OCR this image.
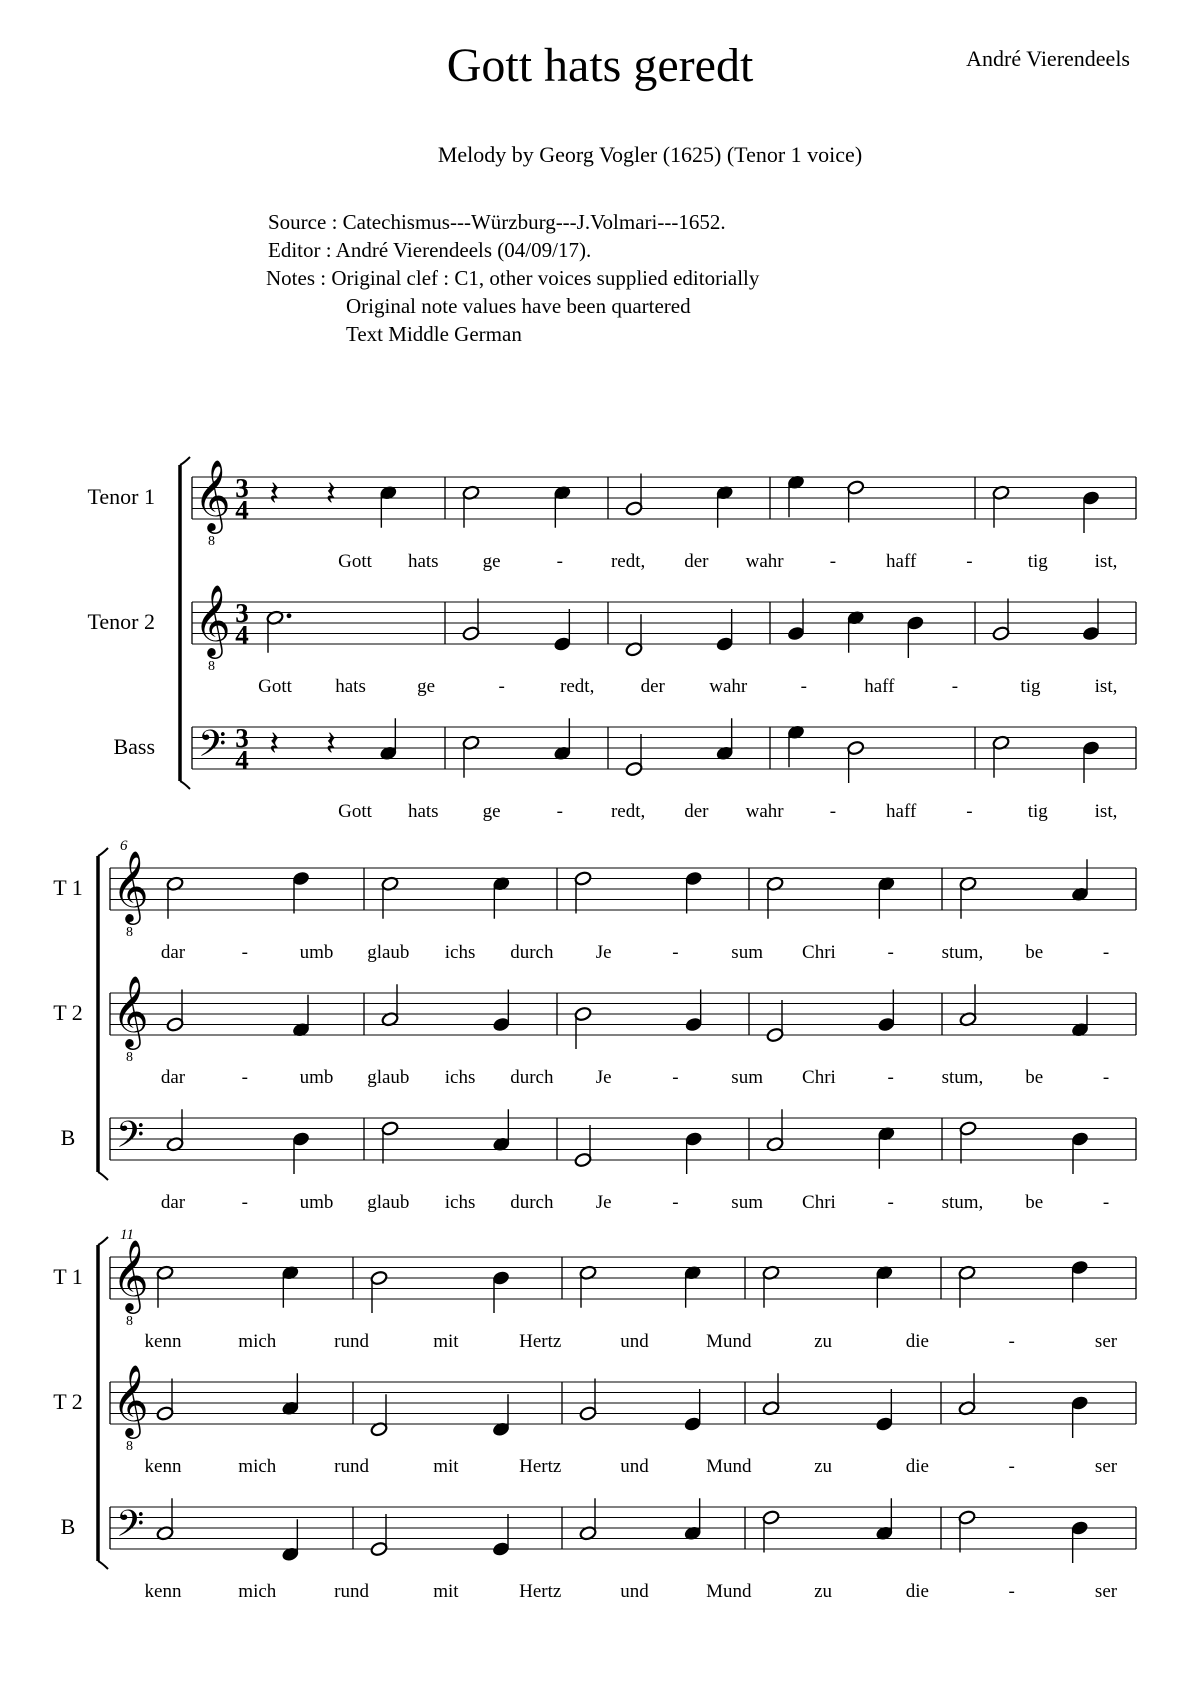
Gott hats geredt	André Vierendeels
Melody by Georg Vogler (1625) (Tenor 1 voice)
Source : Catechismus---Würzburg---J.Volmari---1652.
Editor : André Vierendeels (04/09/17).
Notes : Original clef : C1, other voices supplied editorially
Original note values have been quartered
Text Middle German
Tenor 1 𝄞
8
3
4 𝄽 𝄽
Gott hats ge	-	redt, der wahr -	haff	-	tig ist,
Tenor 2 𝄞
8
3
4
Gott hats	ge	-	redt, der wahr	-	haff	-	tig	ist,
Bass 𝄢 3
4 𝄽 𝄽
Gott hats ge	-	redt, der wahr -	haff	-	tig ist,
6
T 1 𝄞
8
dar	-	umb glaub ichs durch Je	-	sum Chri	-	stum, be	-
T 2 𝄞
8
dar	-	umb glaub ichs durch Je	-	sum Chri	-	stum, be	-
B 𝄢
dar	-	umb glaub ichs durch Je	-	sum Chri	-	stum, be	-
11
T 1 𝄞
8
kenn	mich	rund	mit	Hertz	und	Mund	zu	die	-	ser
T 2 𝄞
8
kenn	mich	rund	mit	Hertz	und	Mund	zu	die	-	ser
B 𝄢
kenn	mich	rund	mit	Hertz	und	Mund	zu	die	-	ser
